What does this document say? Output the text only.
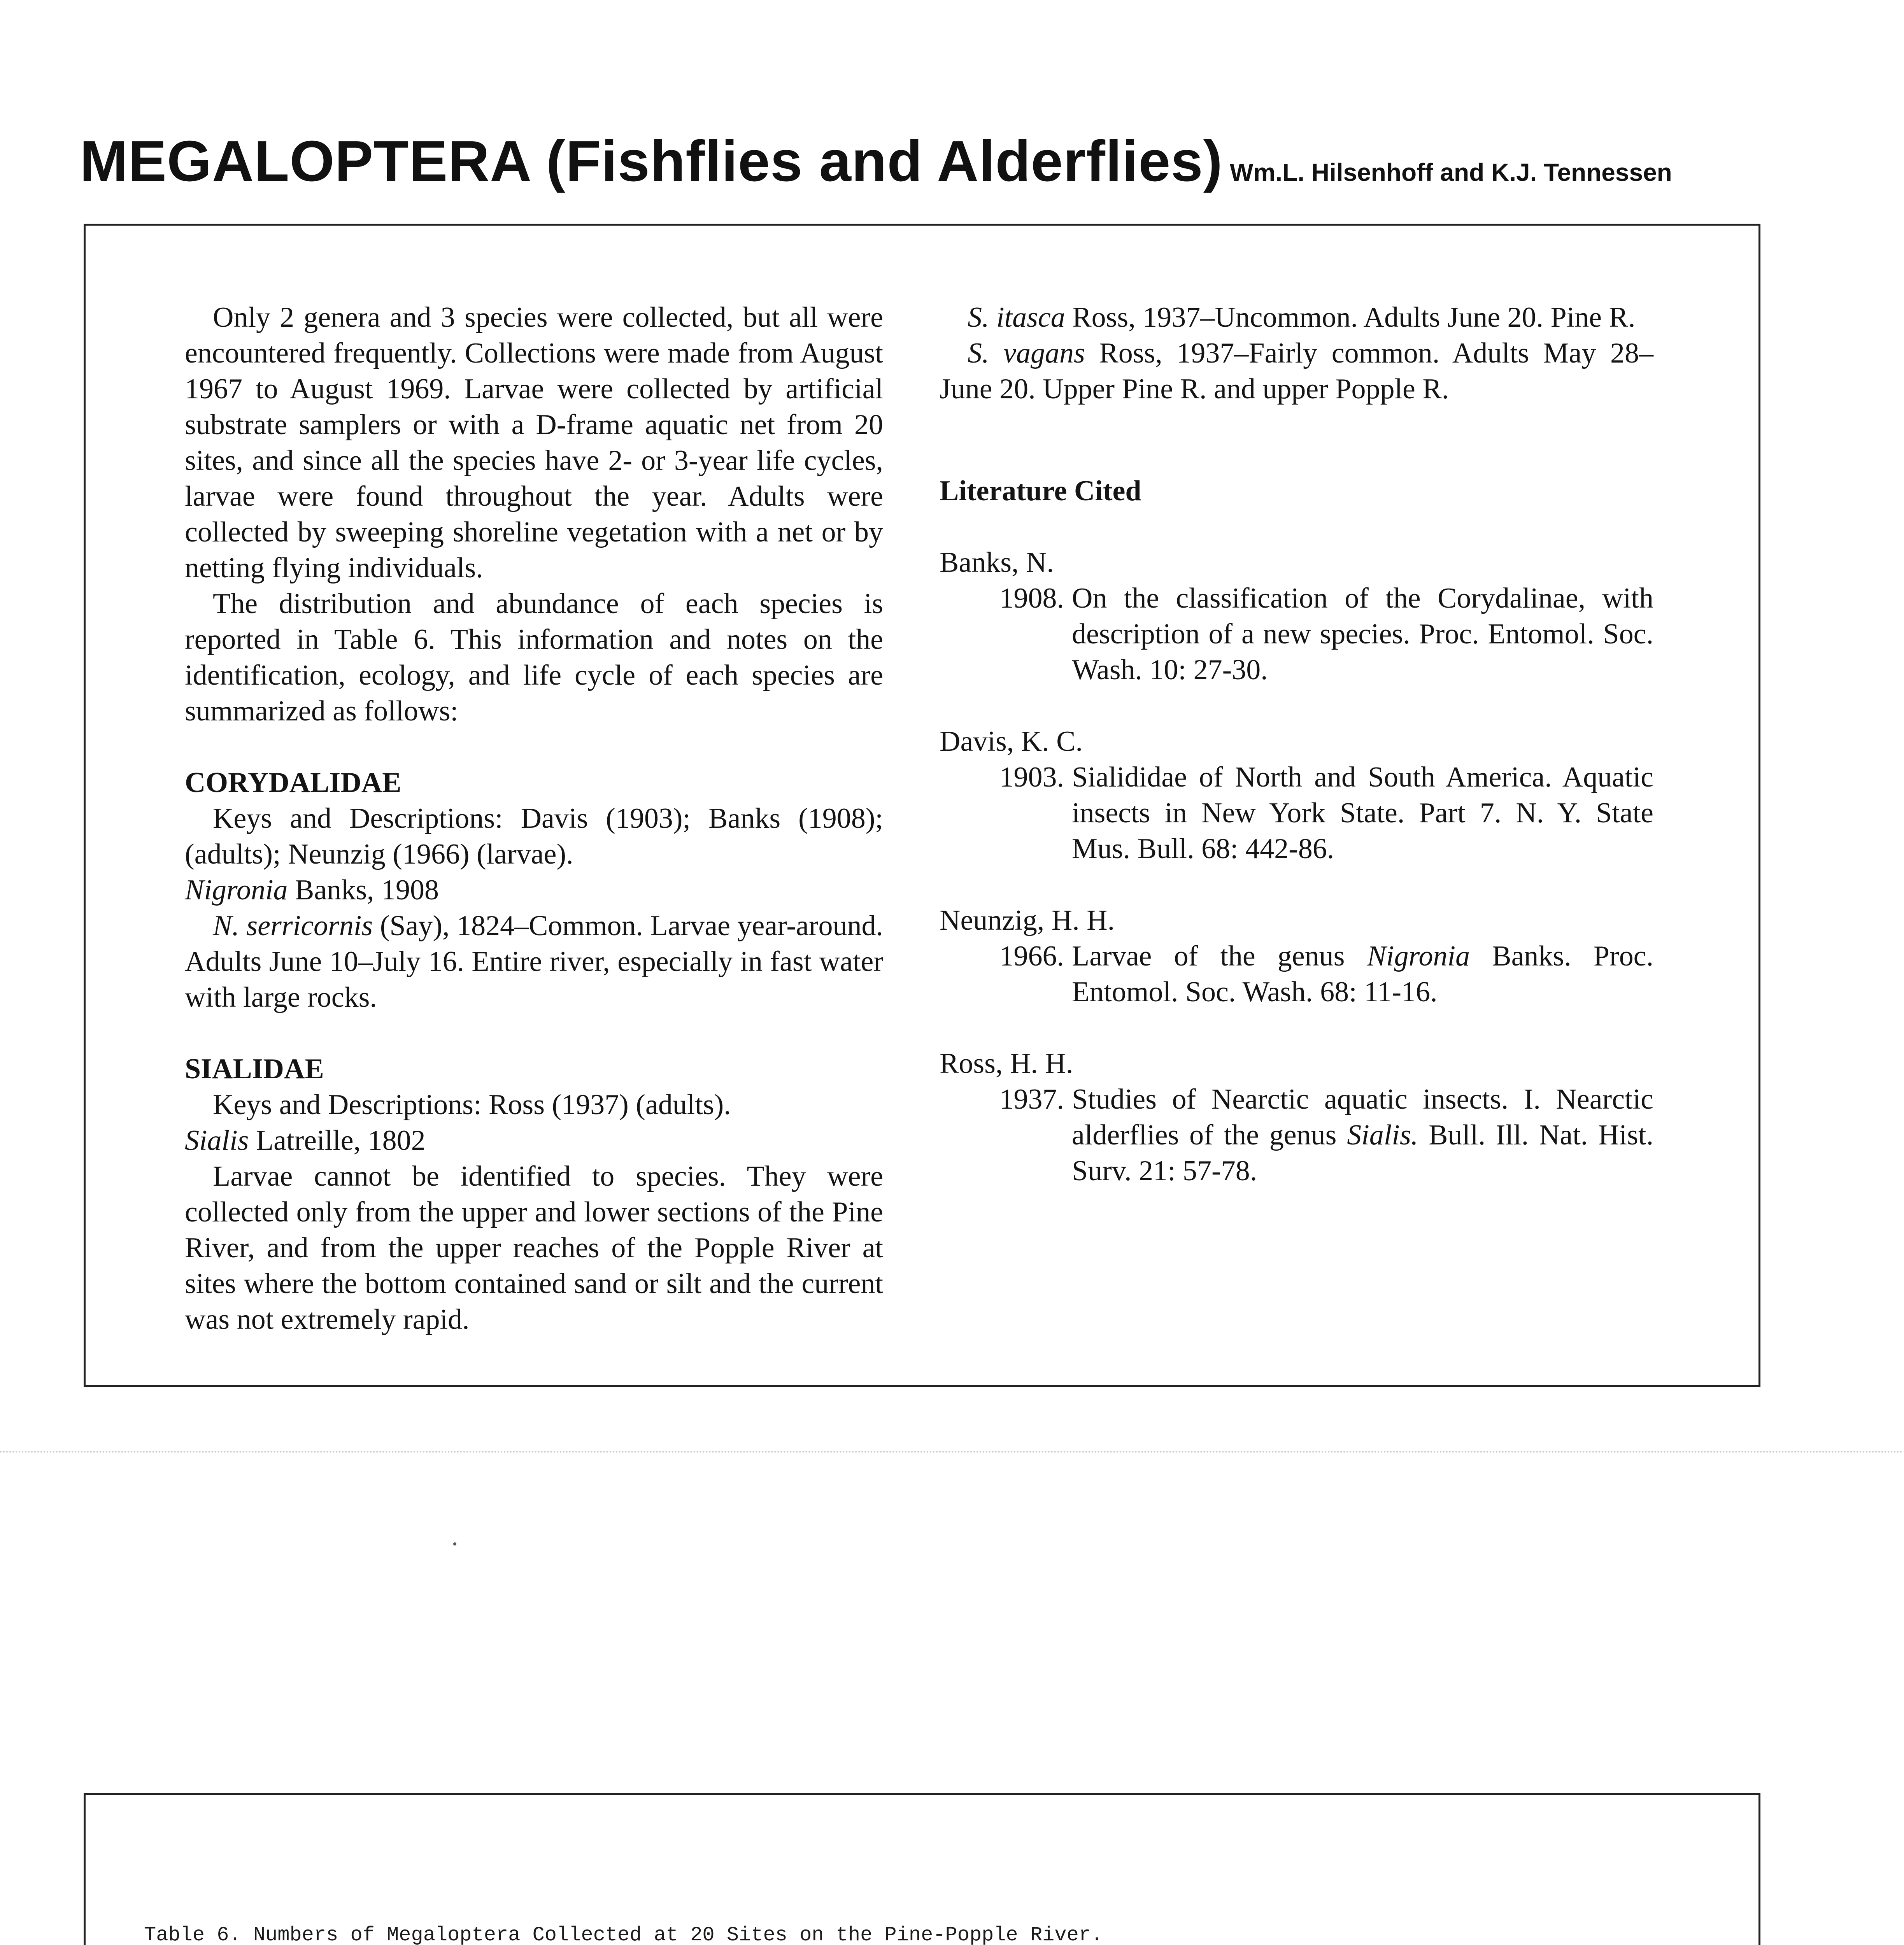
MEGALOPTERA (Fishflies and Alderflies) Wm.L. Hilsenhoff and K.J. Tennessen

Only 2 genera and 3 species were collected, but all were encountered frequently. Collections were made from August 1967 to August 1969. Larvae were collected by artificial substrate samplers or with a D-frame aquatic net from 20 sites, and since all the species have 2- or 3-year life cycles, larvae were found throughout the year. Adults were collected by sweeping shoreline vegetation with a net or by netting flying individuals.

The distribution and abundance of each species is reported in Table 6. This information and notes on the identification, ecology, and life cycle of each species are summarized as follows:

CORYDALIDAE

Keys and Descriptions: Davis (1903); Banks (1908); (adults); Neunzig (1966) (larvae).

Nigronia Banks, 1908

N. serricornis (Say), 1824–Common. Larvae year-around. Adults June 10–July 16. Entire river, especially in fast water with large rocks.

SIALIDAE

Keys and Descriptions: Ross (1937) (adults).

Sialis Latreille, 1802

Larvae cannot be identified to species. They were collected only from the upper and lower sections of the Pine River, and from the upper reaches of the Popple River at sites where the bottom contained sand or silt and the current was not extremely rapid.

S. itasca Ross, 1937–Uncommon. Adults June 20. Pine R.

S. vagans Ross, 1937–Fairly common. Adults May 28–June 20. Upper Pine R. and upper Popple R.

Literature Cited

Banks, N.

1908. On the classification of the Corydalinae, with description of a new species. Proc. Entomol. Soc. Wash. 10: 27-30.

Davis, K. C.

1903. Sialididae of North and South America. Aquatic insects in New York State. Part 7. N. Y. State Mus. Bull. 68: 442-86.

Neunzig, H. H.

1966. Larvae of the genus Nigronia Banks. Proc. Entomol. Soc. Wash. 68: 11-16.

Ross, H. H.

1937. Studies of Nearctic aquatic insects. I. Nearctic alderflies of the genus Sialis. Bull. Ill. Nat. Hist. Surv. 21: 57-78.
Table 6. Numbers of Megaloptera Collected at 20 Sites on the Pine-Popple River.
